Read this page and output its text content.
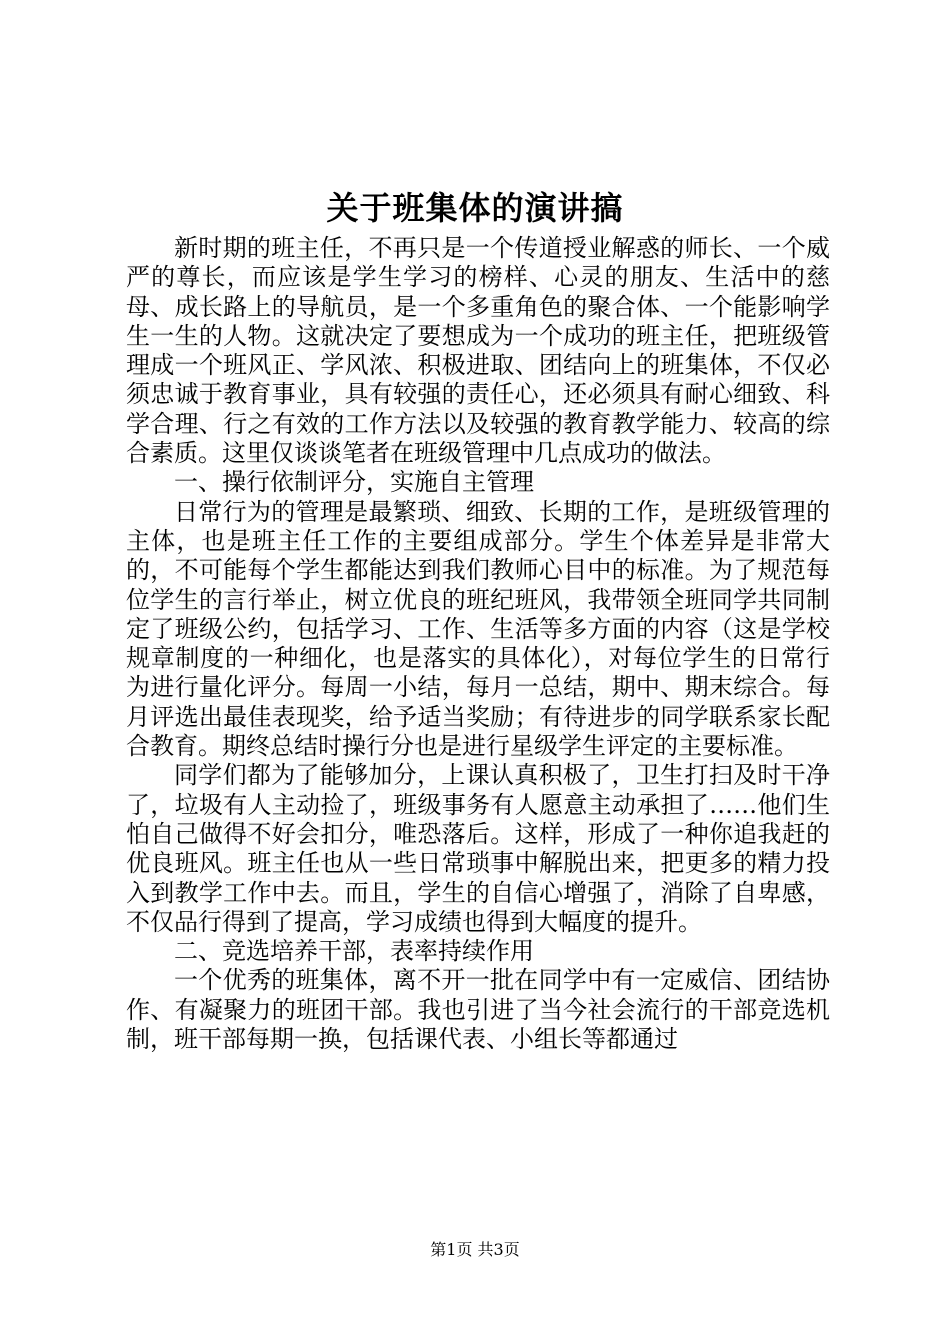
关于班集体的演讲搞

新时期的班主任，不再只是一个传道授业解惑的师长、一个威严的尊长，而应该是学生学习的榜样、心灵的朋友、生活中的慈母、成长路上的导航员，是一个多重角色的聚合体、一个能影响学生一生的人物。这就决定了要想成为一个成功的班主任，把班级管理成一个班风正、学风浓、积极进取、团结向上的班集体，不仅必须忠诚于教育事业，具有较强的责任心，还必须具有耐心细致、科学合理、行之有效的工作方法以及较强的教育教学能力、较高的综合素质。这里仅谈谈笔者在班级管理中几点成功的做法。

一、操行依制评分，实施自主管理

日常行为的管理是最繁琐、细致、长期的工作，是班级管理的主体，也是班主任工作的主要组成部分。学生个体差异是非常大的，不可能每个学生都能达到我们教师心目中的标准。为了规范每位学生的言行举止，树立优良的班纪班风，我带领全班同学共同制定了班级公约，包括学习、工作、生活等多方面的内容（这是学校规章制度的一种细化，也是落实的具体化），对每位学生的日常行为进行量化评分。每周一小结，每月一总结，期中、期末综合。每月评选出最佳表现奖，给予适当奖励；有待进步的同学联系家长配合教育。期终总结时操行分也是进行星级学生评定的主要标准。

同学们都为了能够加分，上课认真积极了，卫生打扫及时干净了，垃圾有人主动捡了，班级事务有人愿意主动承担了……他们生怕自己做得不好会扣分，唯恐落后。这样，形成了一种你追我赶的优良班风。班主任也从一些日常琐事中解脱出来，把更多的精力投入到教学工作中去。而且，学生的自信心增强了，消除了自卑感，不仅品行得到了提高，学习成绩也得到大幅度的提升。

二、竞选培养干部，表率持续作用

一个优秀的班集体，离不开一批在同学中有一定威信、团结协作、有凝聚力的班团干部。我也引进了当今社会流行的干部竞选机制，班干部每期一换，包括课代表、小组长等都通过

第1页 共3页
